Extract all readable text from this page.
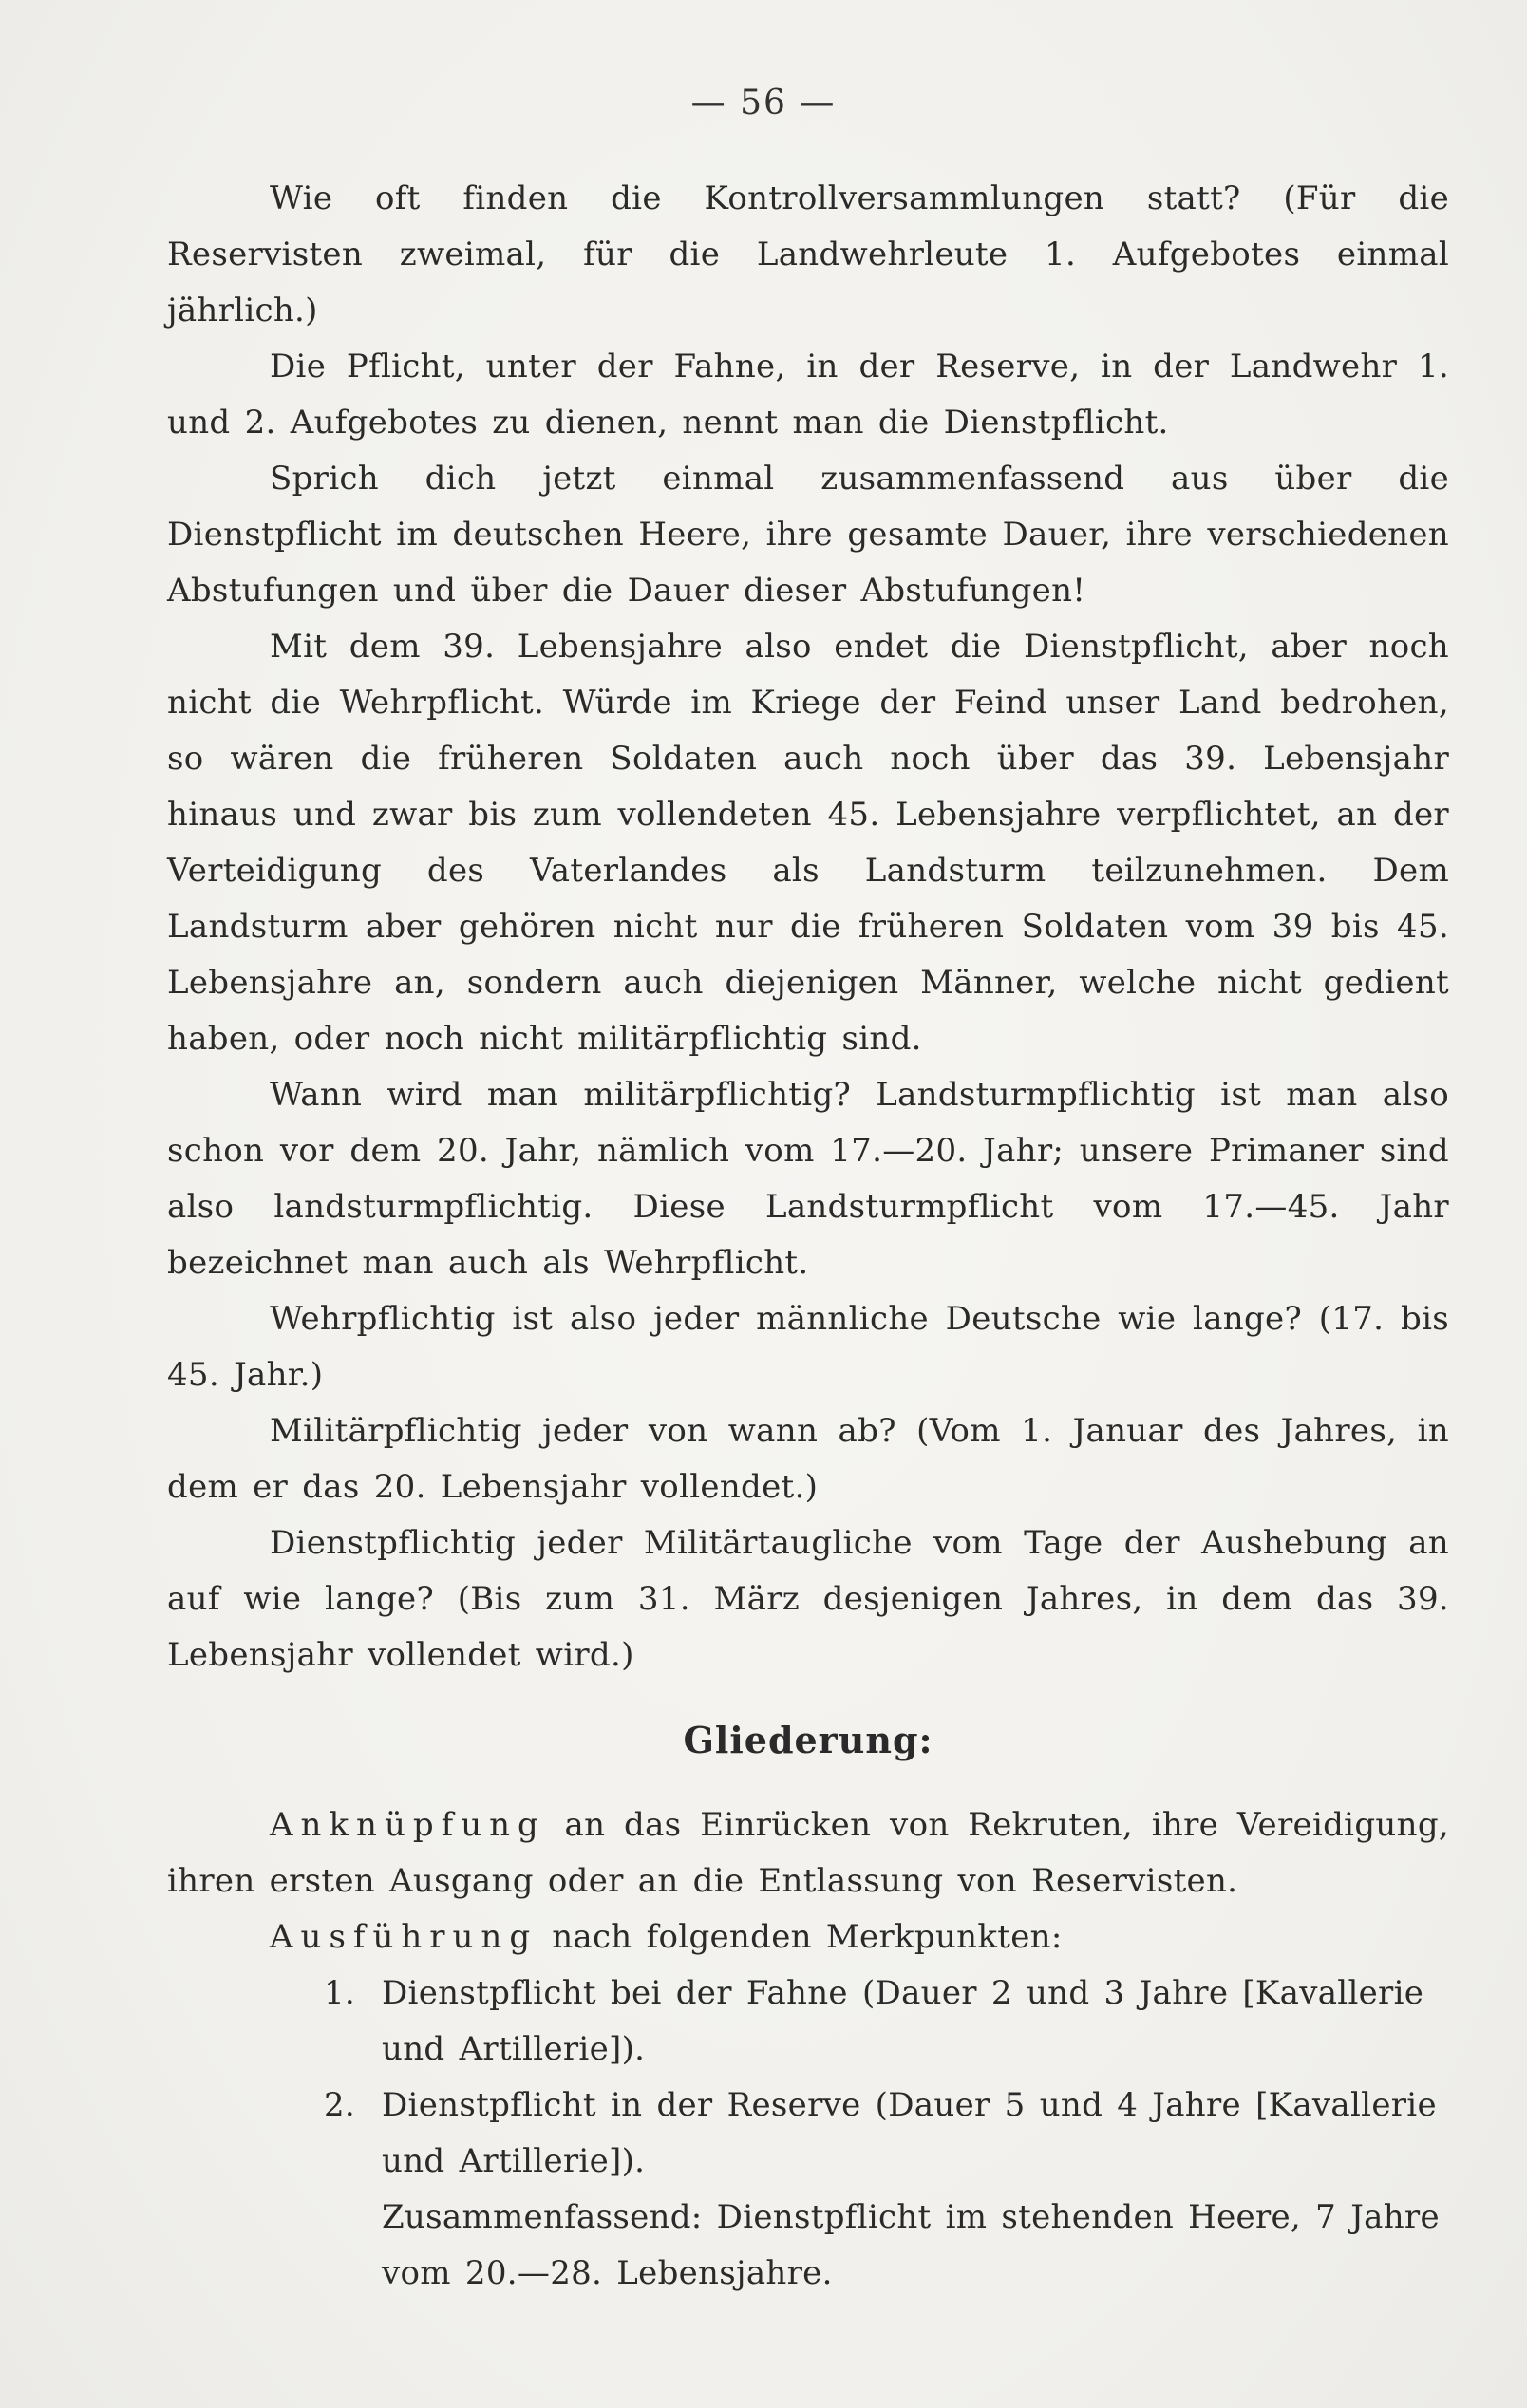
— 56 —

Wie oft finden die Kontrollversammlungen statt? (Für die Reservisten zweimal, für die Landwehrleute 1. Aufgebotes einmal jährlich.)

Die Pflicht, unter der Fahne, in der Reserve, in der Landwehr 1. und 2. Aufgebotes zu dienen, nennt man die Dienstpflicht.

Sprich dich jetzt einmal zusammenfassend aus über die Dienstpflicht im deutschen Heere, ihre gesamte Dauer, ihre verschiedenen Abstufungen und über die Dauer dieser Abstufungen!

Mit dem 39. Lebensjahre also endet die Dienstpflicht, aber noch nicht die Wehrpflicht. Würde im Kriege der Feind unser Land bedrohen, so wären die früheren Soldaten auch noch über das 39. Lebensjahr hinaus und zwar bis zum vollendeten 45. Lebensjahre verpflichtet, an der Verteidigung des Vaterlandes als Landsturm teilzunehmen. Dem Landsturm aber gehören nicht nur die früheren Soldaten vom 39 bis 45. Lebensjahre an, sondern auch diejenigen Männer, welche nicht gedient haben, oder noch nicht militärpflichtig sind.

Wann wird man militärpflichtig? Landsturmpflichtig ist man also schon vor dem 20. Jahr, nämlich vom 17.—20. Jahr; unsere Primaner sind also landsturmpflichtig. Diese Landsturmpflicht vom 17.—45. Jahr bezeichnet man auch als Wehrpflicht.

Wehrpflichtig ist also jeder männliche Deutsche wie lange? (17. bis 45. Jahr.)

Militärpflichtig jeder von wann ab? (Vom 1. Januar des Jahres, in dem er das 20. Lebensjahr vollendet.)

Dienstpflichtig jeder Militärtaugliche vom Tage der Aushebung an auf wie lange? (Bis zum 31. März desjenigen Jahres, in dem das 39. Lebensjahr vollendet wird.)

Gliederung:

Anknüpfung an das Einrücken von Rekruten, ihre Vereidigung, ihren ersten Ausgang oder an die Entlassung von Reservisten.

Ausführung nach folgenden Merkpunkten:

1. Dienstpflicht bei der Fahne (Dauer 2 und 3 Jahre [Kavallerie und Artillerie]).
2. Dienstpflicht in der Reserve (Dauer 5 und 4 Jahre [Kavallerie und Artillerie]).

Zusammenfassend: Dienstpflicht im stehenden Heere, 7 Jahre vom 20.—28. Lebensjahre.
